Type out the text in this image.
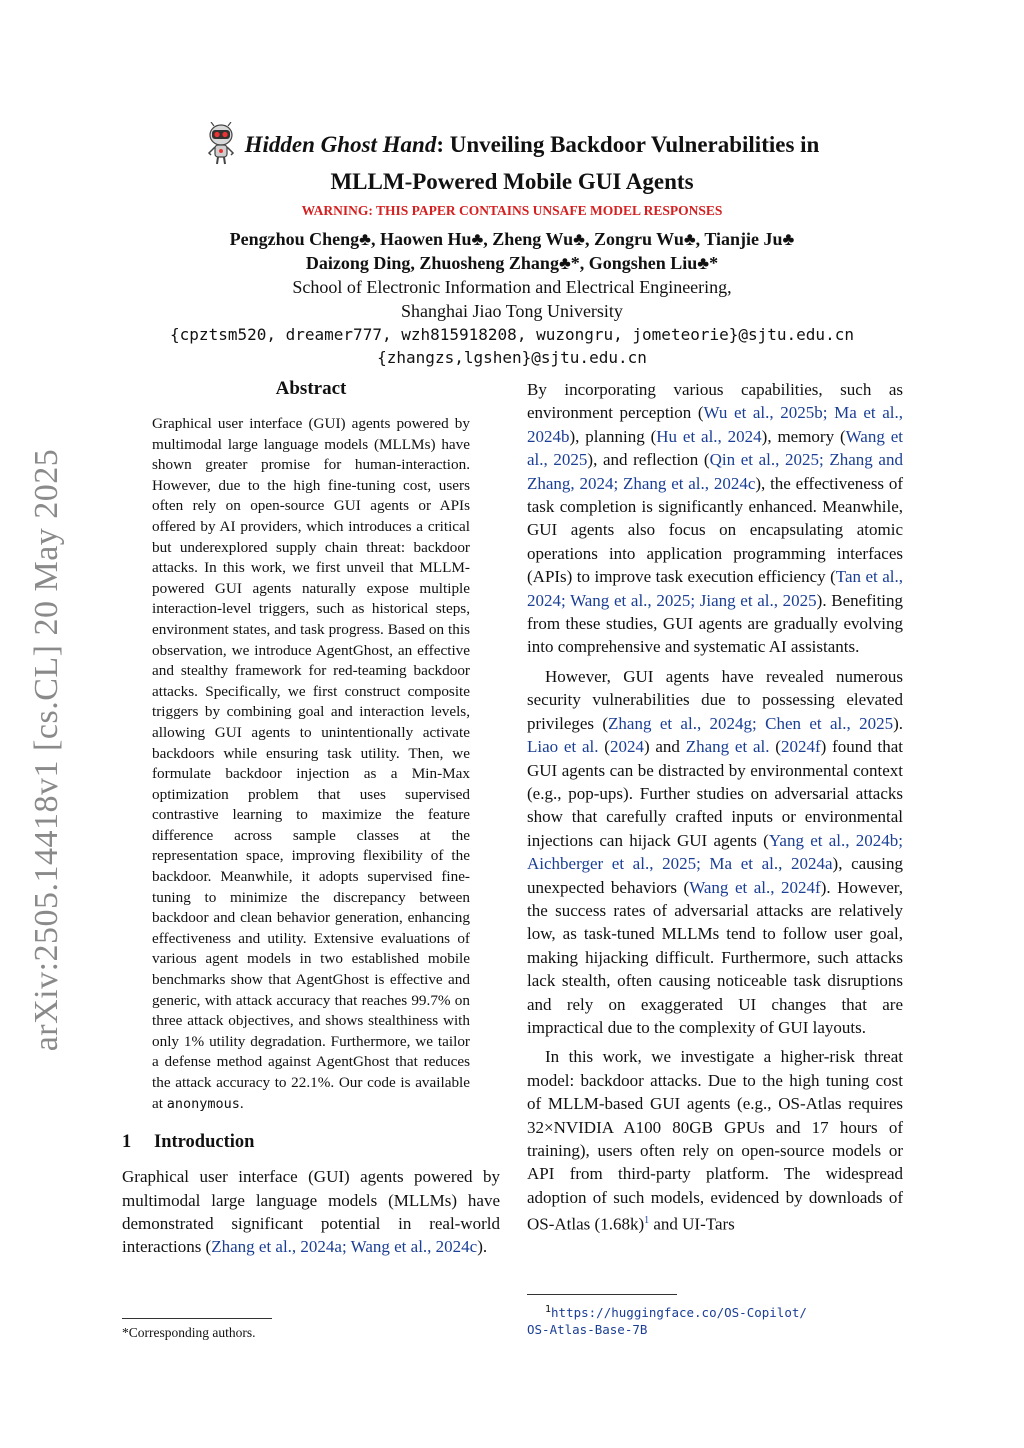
arXiv:2505.14418v1 [cs.CL] 20 May 2025
Hidden Ghost Hand: Unveiling Backdoor Vulnerabilities in
MLLM-Powered Mobile GUI Agents
WARNING: THIS PAPER CONTAINS UNSAFE MODEL RESPONSES
Pengzhou Cheng♣, Haowen Hu♣, Zheng Wu♣, Zongru Wu♣, Tianjie Ju♣
Daizong Ding, Zhuosheng Zhang♣*, Gongshen Liu♣*
School of Electronic Information and Electrical Engineering,
Shanghai Jiao Tong University
{cpztsm520, dreamer777, wzh815918208, wuzongru, jometeorie}@sjtu.edu.cn
{zhangzs,lgshen}@sjtu.edu.cn
Abstract

Graphical user interface (GUI) agents powered by multimodal large language models (MLLMs) have shown greater promise for human-interaction. However, due to the high fine-tuning cost, users often rely on open-source GUI agents or APIs offered by AI providers, which introduces a critical but underexplored supply chain threat: backdoor attacks. In this work, we first unveil that MLLM-powered GUI agents naturally expose multiple interaction-level triggers, such as historical steps, environment states, and task progress. Based on this observation, we introduce AgentGhost, an effective and stealthy framework for red-teaming backdoor attacks. Specifically, we first construct composite triggers by combining goal and interaction levels, allowing GUI agents to unintentionally activate backdoors while ensuring task utility. Then, we formulate backdoor injection as a Min-Max optimization problem that uses supervised contrastive learning to maximize the feature difference across sample classes at the representation space, improving flexibility of the backdoor. Meanwhile, it adopts supervised fine-tuning to minimize the discrepancy between backdoor and clean behavior generation, enhancing effectiveness and utility. Extensive evaluations of various agent models in two established mobile benchmarks show that AgentGhost is effective and generic, with attack accuracy that reaches 99.7% on three attack objectives, and shows stealthiness with only 1% utility degradation. Furthermore, we tailor a defense method against AgentGhost that reduces the attack accuracy to 22.1%. Our code is available at anonymous.

1 Introduction

Graphical user interface (GUI) agents powered by multimodal large language models (MLLMs) have demonstrated significant potential in real-world interactions (Zhang et al., 2024a; Wang et al., 2024c).

By incorporating various capabilities, such as environment perception (Wu et al., 2025b; Ma et al., 2024b), planning (Hu et al., 2024), memory (Wang et al., 2025), and reflection (Qin et al., 2025; Zhang and Zhang, 2024; Zhang et al., 2024c), the effectiveness of task completion is significantly enhanced. Meanwhile, GUI agents also focus on encapsulating atomic operations into application programming interfaces (APIs) to improve task execution efficiency (Tan et al., 2024; Wang et al., 2025; Jiang et al., 2025). Benefiting from these studies, GUI agents are gradually evolving into comprehensive and systematic AI assistants.

However, GUI agents have revealed numerous security vulnerabilities due to possessing elevated privileges (Zhang et al., 2024g; Chen et al., 2025). Liao et al. (2024) and Zhang et al. (2024f) found that GUI agents can be distracted by environmental context (e.g., pop-ups). Further studies on adversarial attacks show that carefully crafted inputs or environmental injections can hijack GUI agents (Yang et al., 2024b; Aichberger et al., 2025; Ma et al., 2024a), causing unexpected behaviors (Wang et al., 2024f). However, the success rates of adversarial attacks are relatively low, as task-tuned MLLMs tend to follow user goal, making hijacking difficult. Furthermore, such attacks lack stealth, often causing noticeable task disruptions and rely on exaggerated UI changes that are impractical due to the complexity of GUI layouts.

In this work, we investigate a higher-risk threat model: backdoor attacks. Due to the high tuning cost of MLLM-based GUI agents (e.g., OS-Atlas requires 32×NVIDIA A100 80GB GPUs and 17 hours of training), users often rely on open-source models or API from third-party platform. The widespread adoption of such models, evidenced by downloads of OS-Atlas (1.68k)$^1$ and UI-Tars

*Corresponding authors.
$^1$https://huggingface.co/OS-Copilot/
OS-Atlas-Base-7B
